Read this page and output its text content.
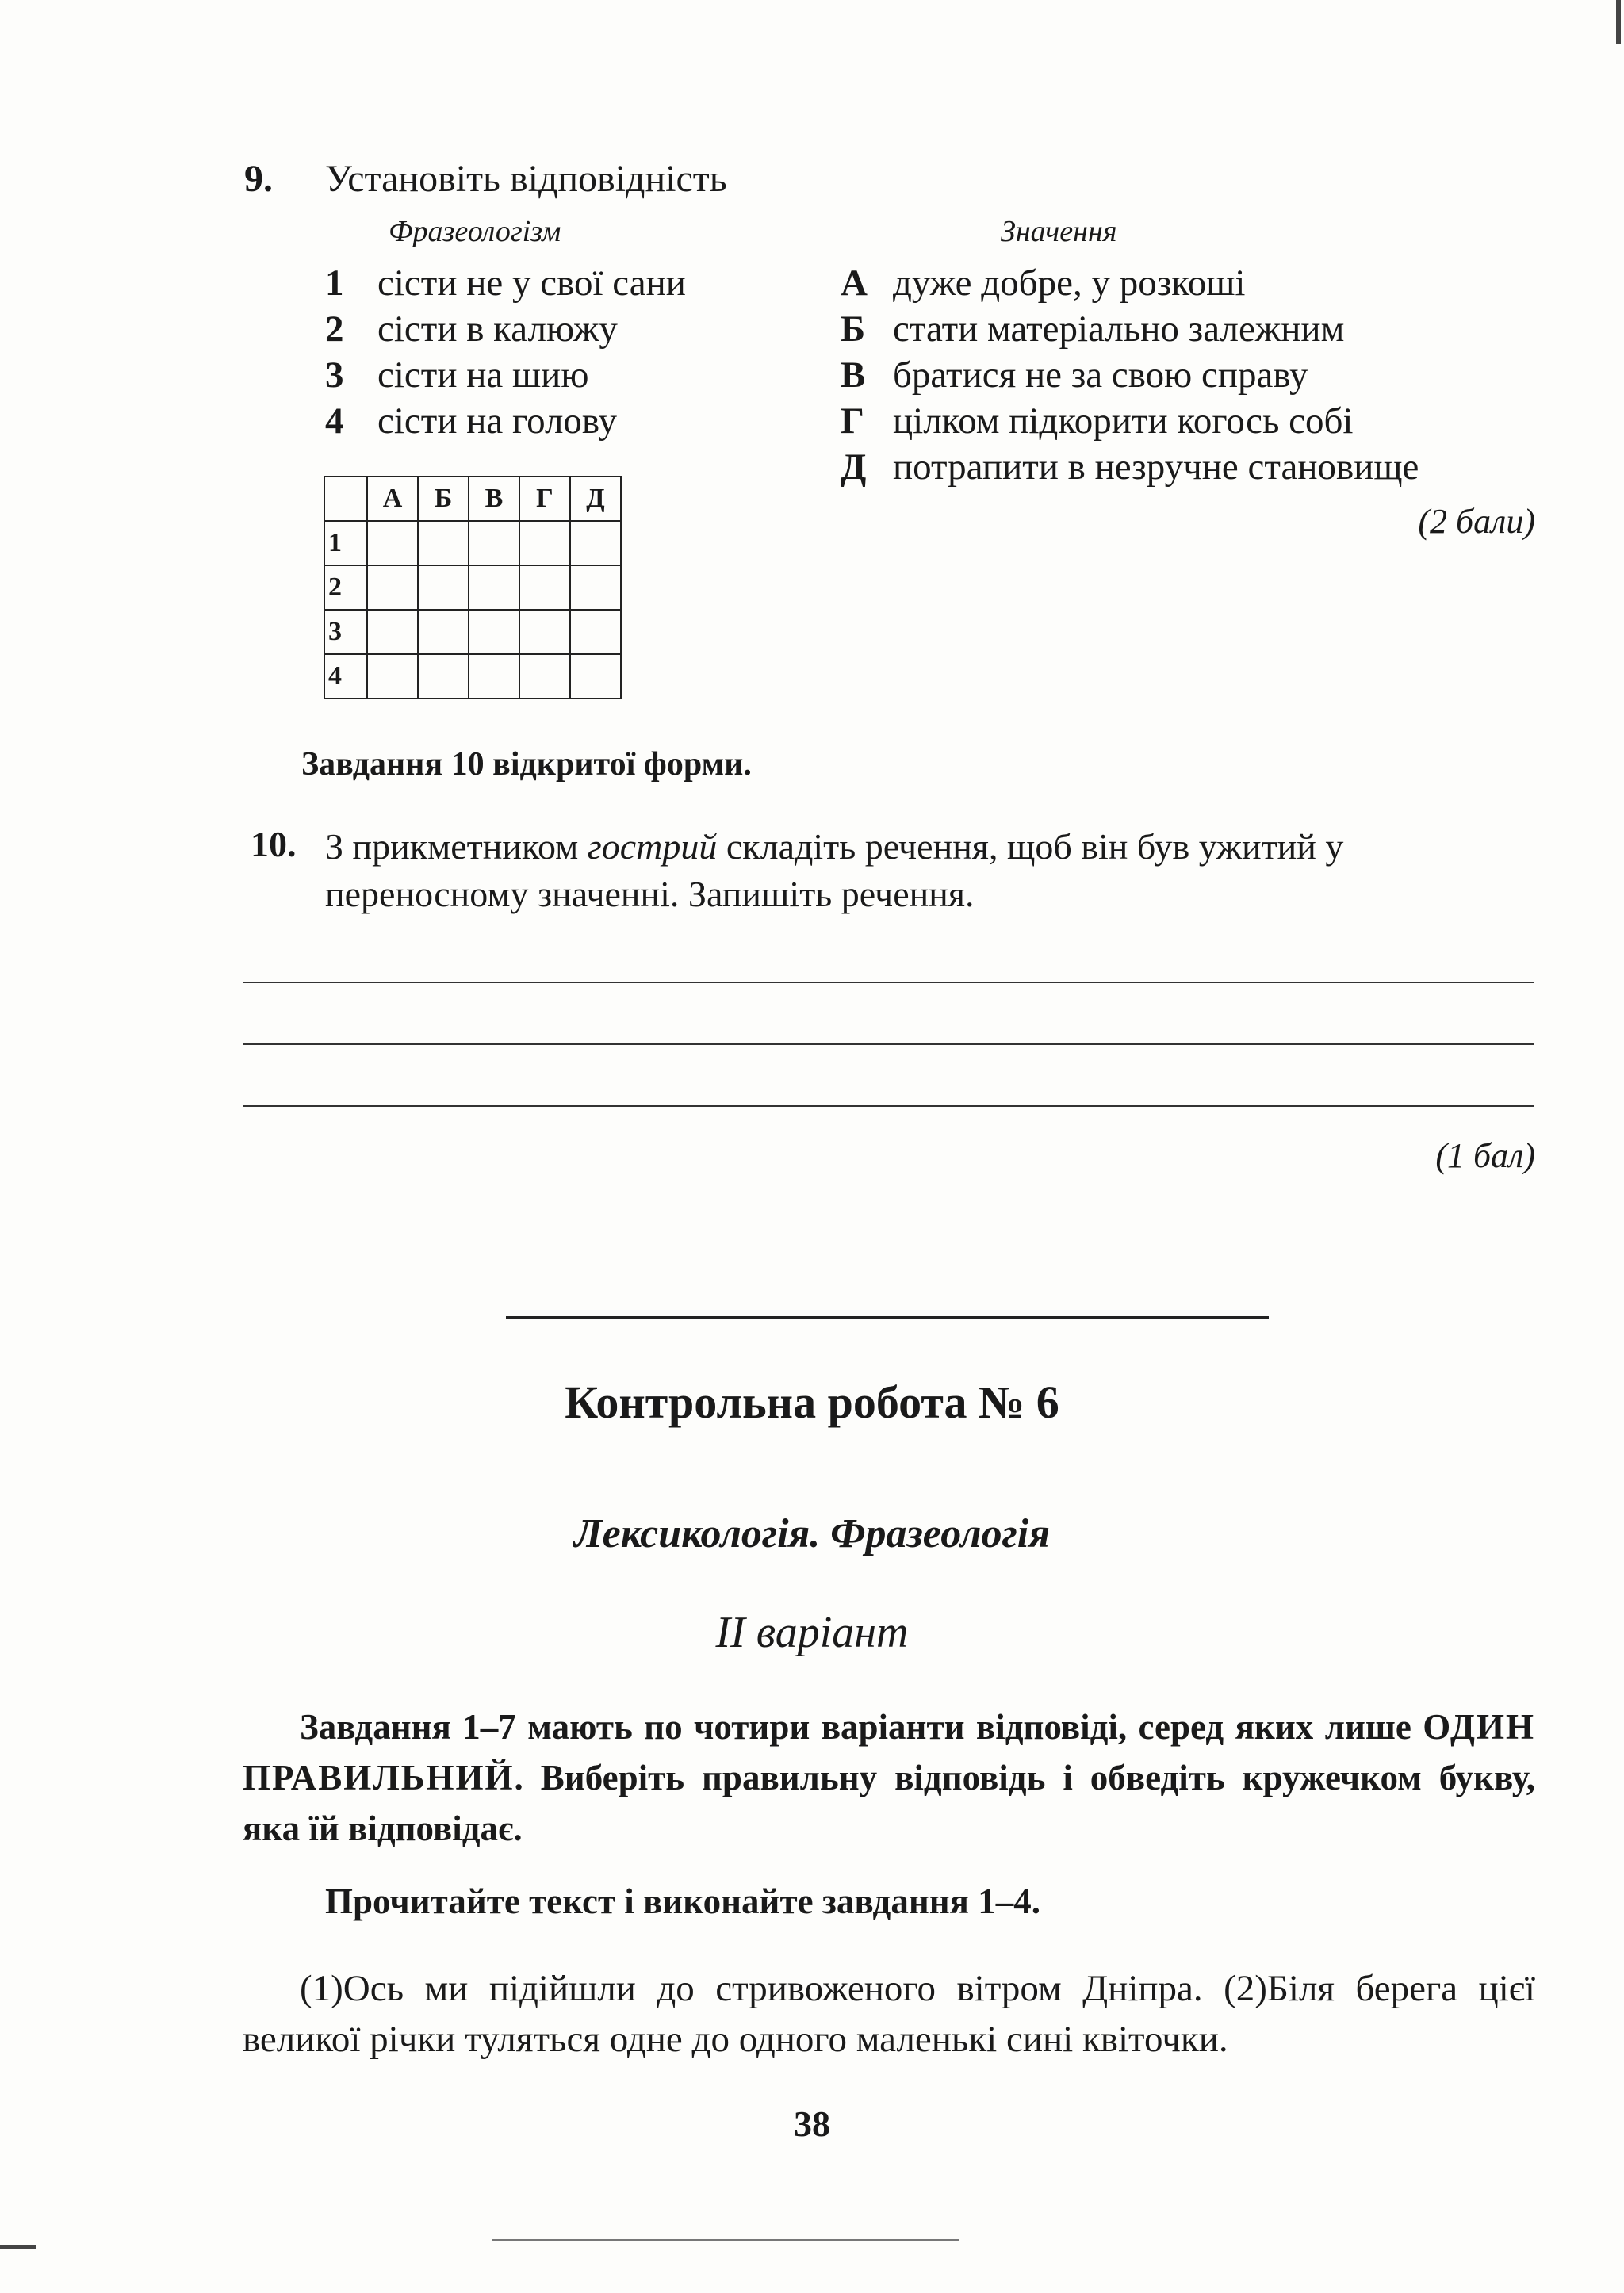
9. Установіть відповідність
Фразеологізм	Значення
1 сісти не у свої сани
2 сісти в калюжу
3 сісти на шию
4 сісти на голову
А дуже добре, у розкоші
Б стати матеріально залежним
В братися не за свою справу
Г цілком підкорити когось собі
Д потрапити в незручне становище
	А	Б	В	Г	Д
1					
2					
3					
4					
(2 бали)
Завдання 10 відкритої форми.
10. З прикметником гострий складіть речення, щоб він був ужитий у переносному значенні. Запишіть речення.
(1 бал)
Контрольна робота № 6
Лексикологія. Фразеологія
ІІ варіант
Завдання 1–7 мають по чотири варіанти відповіді, серед яких лише ОДИН ПРАВИЛЬНИЙ. Виберіть правильну відповідь і обведіть кружечком букву, яка їй відповідає.
Прочитайте текст і виконайте завдання 1–4.
(1)Ось ми підійшли до стривоженого вітром Дніпра. (2)Біля берега цієї великої річки туляться одне до одного маленькі сині квіточки.
38
